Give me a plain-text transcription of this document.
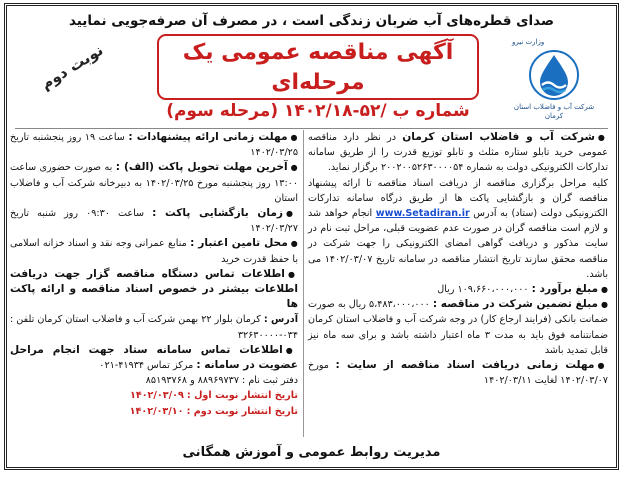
صدای قطره‌های آب ضربان زندگی است ، در مصرف آن صرفه‌جویی نمایید
آگهی مناقصه عمومی یک مرحله‌ای
شماره ب /۵۲-۱۴۰۲/۱۸ (مرحله سوم)
نوبت دوم	وزارت نیرو
شرکت آب و فاضلاب استان کرمان

● شرکت آب و فاضلاب استان کرمان در نظر دارد مناقصه عمومی خرید تابلو ستاره مثلث و تابلو توزیع قدرت را از طریق سامانه تدارکات الکترونیکی دولت به شماره ۲۰۰۲۰۰۵۲۶۳۰۰۰۰۵۴ برگزار نماید.

کلیه مراحل برگزاری مناقصه از دریافت اسناد مناقصه تا ارائه پیشنهاد مناقصه گران و بازگشایی پاکت ها از طریق درگاه سامانه تدارکات الکترونیکی دولت (ستاد) به آدرس www.Setadiran.ir انجام خواهد شد و لازم است مناقصه گران در صورت عدم عضویت قبلی، مراحل ثبت نام در سایت مذکور و دریافت گواهی امضای الکترونیکی را جهت شرکت در مناقصه محقق سازند تاریخ انتشار مناقصه در سامانه تاریخ ۱۴۰۲/۰۳/۰۷ می باشد.

● مبلغ برآورد : ۱۰۹،۶۶۰،۰۰۰،۰۰۰ ریال

● مبلغ تضمین شرکت در مناقصه : ۵،۴۸۳،۰۰۰،۰۰۰ ریال به صورت ضمانت بانکی (فرایند ارجاع کار) در وجه شرکت آب و فاضلاب استان کرمان ضمانتنامه فوق باید به مدت ۳ ماه اعتبار داشته باشد و برای سه ماه نیز قابل تمدید باشد

● مهلت زمانی دریافت اسناد مناقصه از سایت : مورخ ۱۴۰۲/۰۳/۰۷ لغایت ۱۴۰۲/۰۳/۱۱

● مهلت زمانی ارائه پیشنهادات : ساعت ۱۹ روز پنجشنبه تاریخ ۱۴۰۲/۰۳/۲۵

● آخرین مهلت تحویل پاکت (الف) : به صورت حضوری ساعت ۱۳:۰۰ روز پنجشنبه مورخ ۱۴۰۲/۰۳/۲۵ به دبیرخانه شرکت آب و فاضلاب استان

● زمان بازگشایی پاکت : ساعت ۰۹:۳۰ روز شنبه تاریخ ۱۴۰۲/۰۳/۲۷

● محل تامین اعتبار : منابع عمرانی وجه نقد و اسناد خزانه اسلامی با حفظ قدرت خرید

● اطلاعات تماس دستگاه مناقصه گزار جهت دریافت اطلاعات بیشتر در خصوص اسناد مناقصه و ارائه پاکت ها

آدرس : کرمان بلوار ۲۲ بهمن شرکت آب و فاضلاب استان کرمان تلفن : ۰۳۴-۳۲۶۳۰۰۰۰

● اطلاعات تماس سامانه ستاد جهت انجام مراحل عضویت در سامانه : مرکز تماس ۴۱۹۳۴-۰۲۱

دفتر ثبت نام : ۸۸۹۶۹۷۳۷ و ۸۵۱۹۳۷۶۸

تاریخ انتشار نوبت اول : ۱۴۰۲/۰۳/۰۹

تاریخ انتشار نوبت دوم : ۱۴۰۲/۰۳/۱۰

مدیریت روابط عمومی و آموزش همگانی
